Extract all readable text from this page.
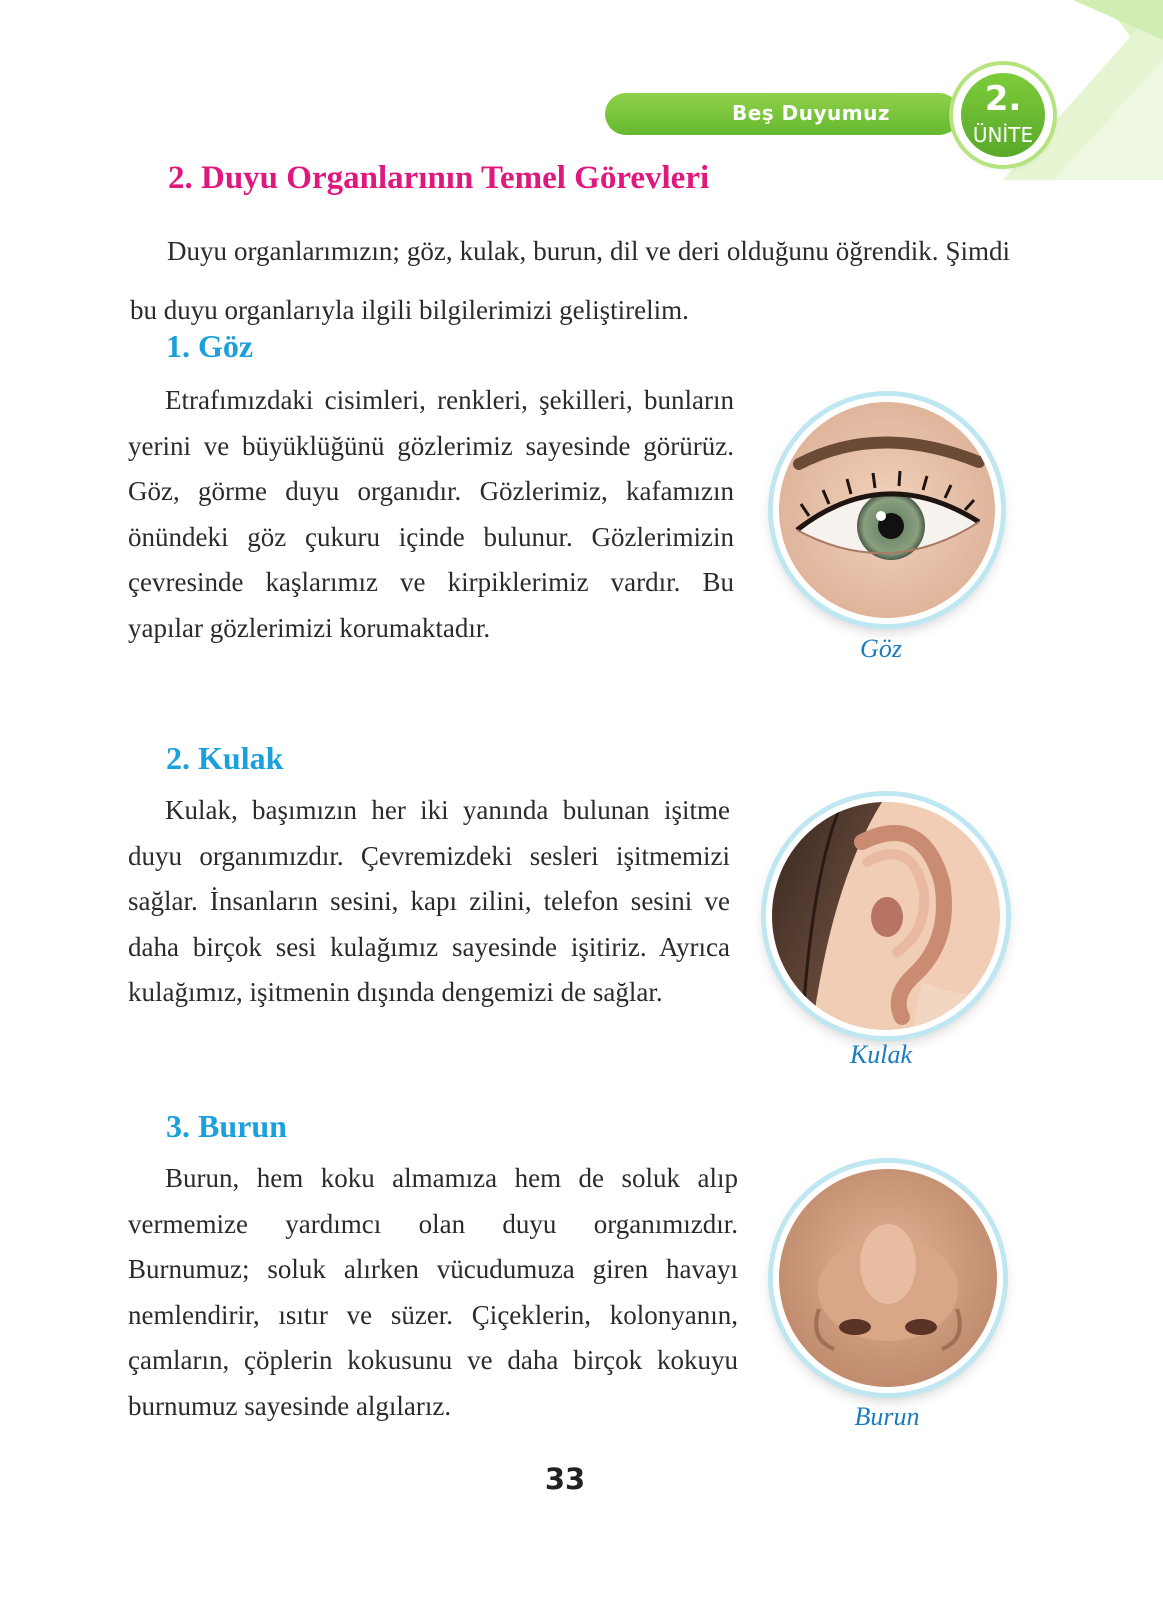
Beş Duyumuz	2.
ÜNİTE
2. Duyu Organlarının Temel Görevleri

Duyu organlarımızın; göz, kulak, burun, dil ve deri olduğunu öğrendik. Şimdi bu duyu organlarıyla ilgili bilgilerimizi geliştirelim.

1. Göz

Etrafımızdaki cisimleri, renkleri, şekilleri, bunların yerini ve büyüklüğünü gözlerimiz sayesinde görürüz. Göz, görme duyu organıdır. Gözlerimiz, kafamızın önündeki göz çukuru içinde bulunur. Gözlerimizin çevresinde kaşlarımız ve kirpiklerimiz vardır. Bu yapılar gözlerimizi korumaktadır.

Göz

2. Kulak

Kulak, başımızın her iki yanında bulunan işitme duyu organımızdır. Çevremizdeki sesleri işitmemizi sağlar. İnsanların sesini, kapı zilini, telefon sesini ve daha birçok sesi kulağımız sayesinde işitiriz. Ayrıca kulağımız, işitmenin dışında dengemizi de sağlar.

Kulak

3. Burun

Burun, hem koku almamıza hem de soluk alıp vermemize yardımcı olan duyu organımızdır. Burnumuz; soluk alırken vücudumuza giren havayı nemlendirir, ısıtır ve süzer. Çiçeklerin, kolonyanın, çamların, çöplerin kokusunu ve daha birçok kokuyu burnumuz sayesinde algılarız.	Burun

33
